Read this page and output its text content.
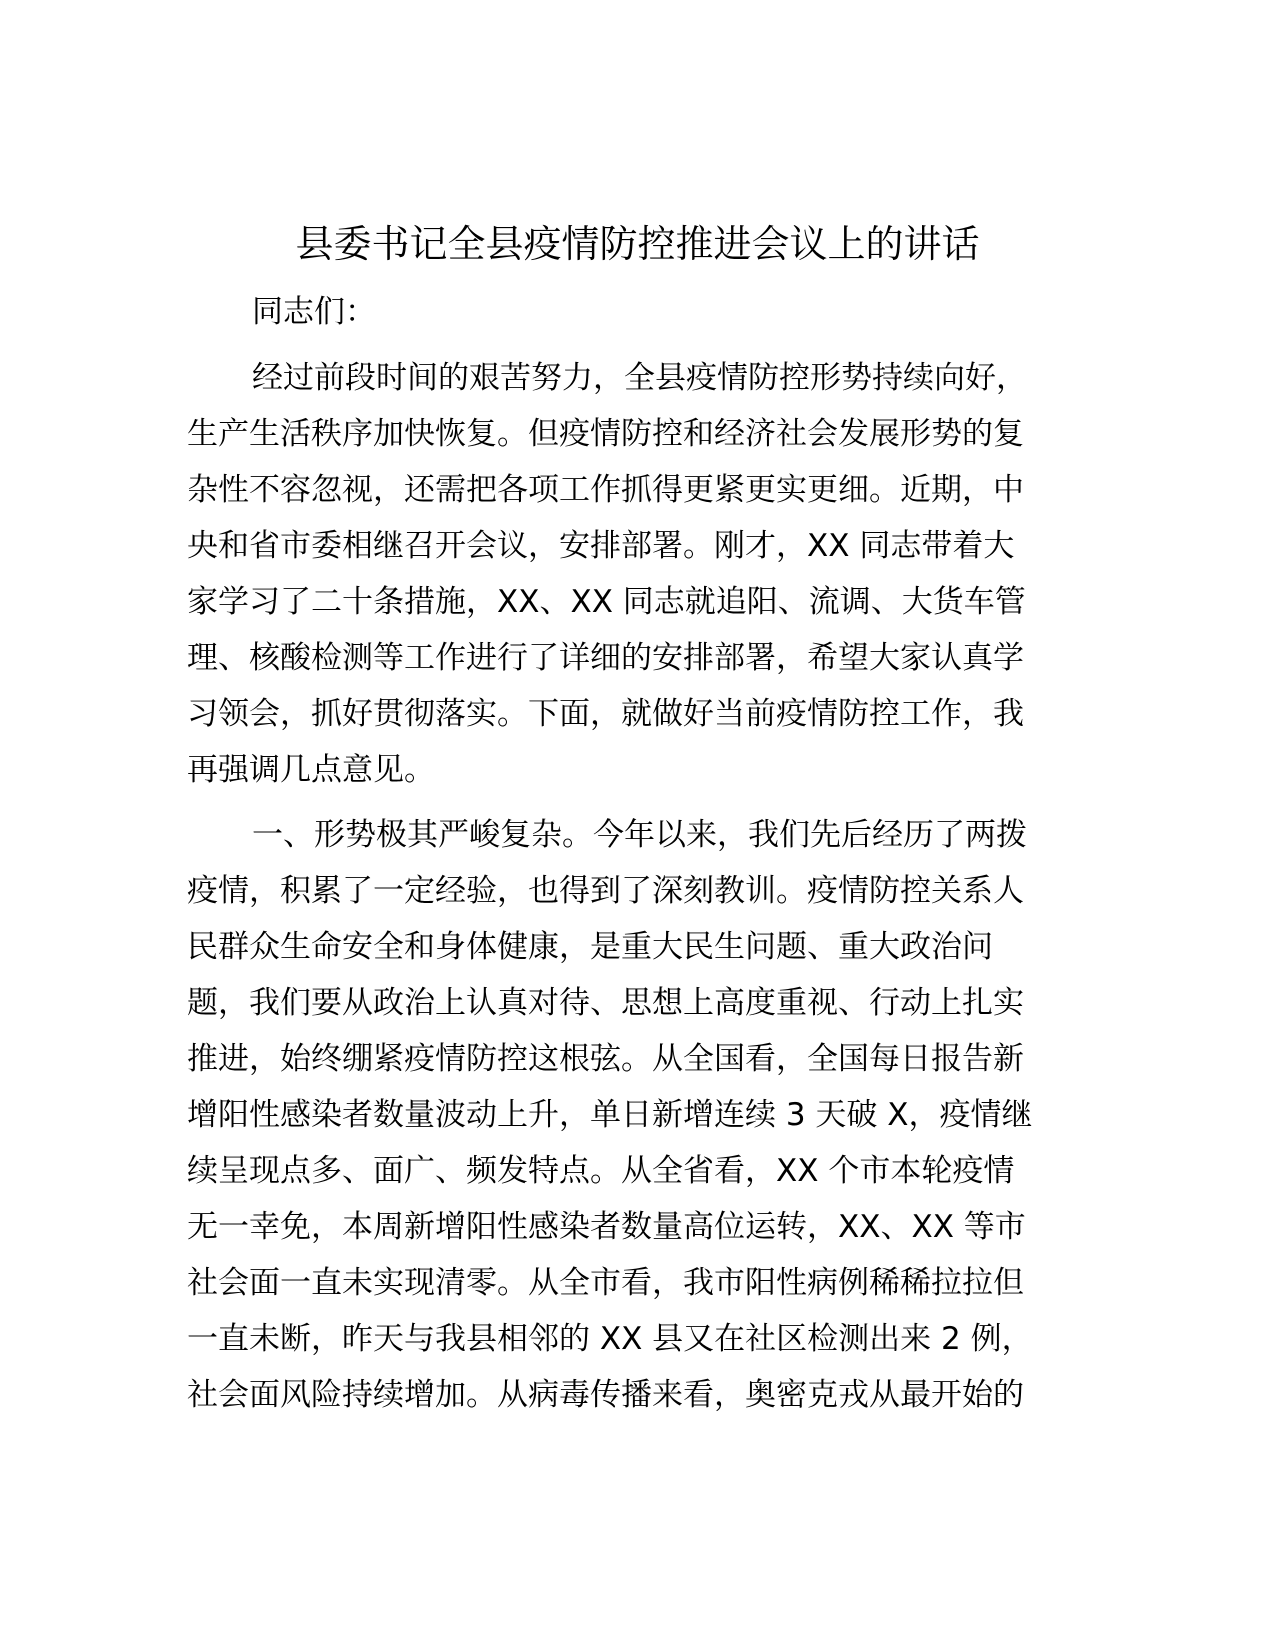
县委书记全县疫情防控推进会议上的讲话

同志们：

经过前段时间的艰苦努力，全县疫情防控形势持续向好，

生产生活秩序加快恢复。但疫情防控和经济社会发展形势的复

杂性不容忽视，还需把各项工作抓得更紧更实更细。近期，中

央和省市委相继召开会议，安排部署。刚才，XX 同志带着大

家学习了二十条措施，XX、XX 同志就追阳、流调、大货车管

理、核酸检测等工作进行了详细的安排部署，希望大家认真学

习领会，抓好贯彻落实。下面，就做好当前疫情防控工作，我

再强调几点意见。

一、形势极其严峻复杂。今年以来，我们先后经历了两拨

疫情，积累了一定经验，也得到了深刻教训。疫情防控关系人

民群众生命安全和身体健康，是重大民生问题、重大政治问

题，我们要从政治上认真对待、思想上高度重视、行动上扎实

推进，始终绷紧疫情防控这根弦。从全国看，全国每日报告新

增阳性感染者数量波动上升，单日新增连续 3 天破 X，疫情继

续呈现点多、面广、频发特点。从全省看，XX 个市本轮疫情

无一幸免，本周新增阳性感染者数量高位运转，XX、XX 等市

社会面一直未实现清零。从全市看，我市阳性病例稀稀拉拉但

一直未断，昨天与我县相邻的 XX 县又在社区检测出来 2 例，

社会面风险持续增加。从病毒传播来看，奥密克戎从最开始的
